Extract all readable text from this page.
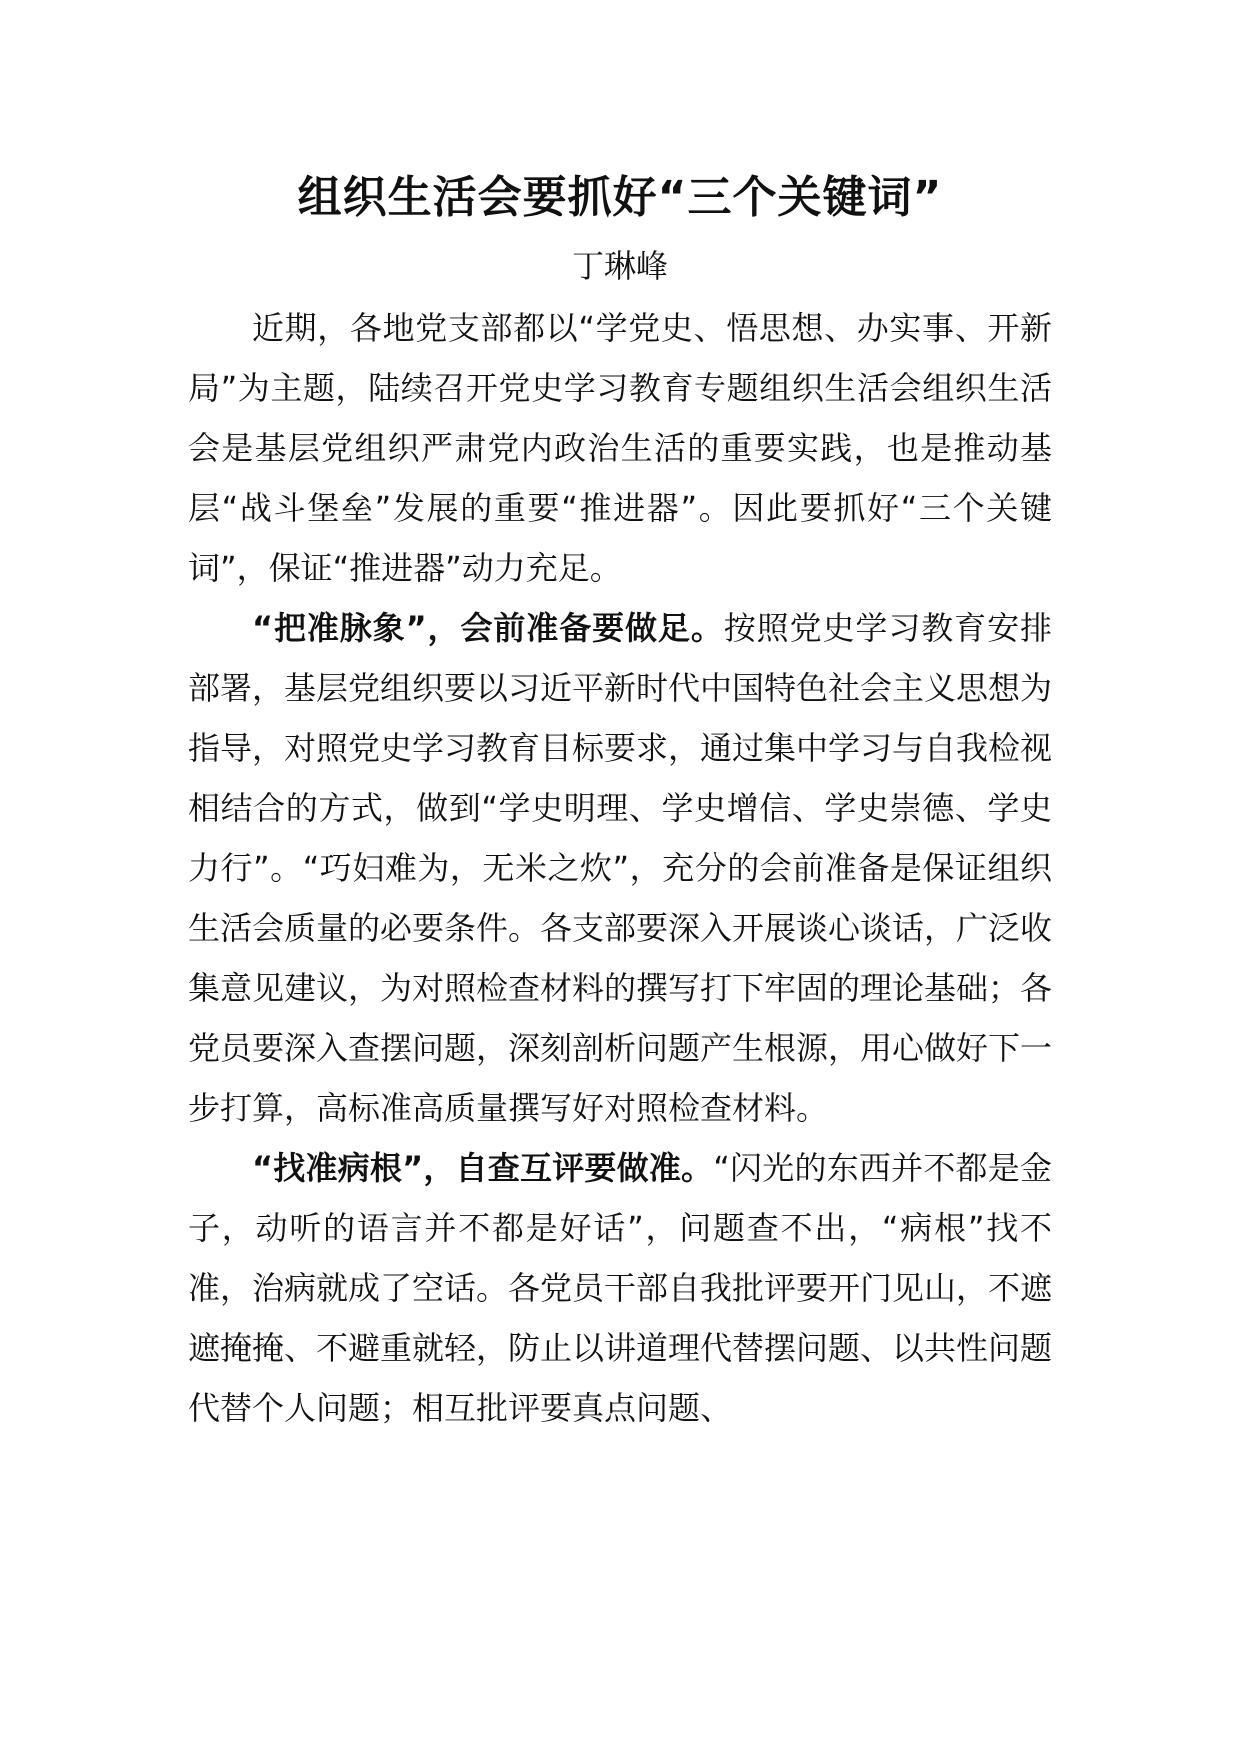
组织生活会要抓好“三个关键词”
丁琳峰

近期，各地党支部都以“学党史、悟思想、办实事、开新局”为主题，陆续召开党史学习教育专题组织生活会组织生活会是基层党组织严肃党内政治生活的重要实践，也是推动基层“战斗堡垒”发展的重要“推进器”。因此要抓好“三个关键词”，保证“推进器”动力充足。

“把准脉象”，会前准备要做足。按照党史学习教育安排部署，基层党组织要以习近平新时代中国特色社会主义思想为指导，对照党史学习教育目标要求，通过集中学习与自我检视相结合的方式，做到“学史明理、学史增信、学史崇德、学史力行”。“巧妇难为，无米之炊”，充分的会前准备是保证组织生活会质量的必要条件。各支部要深入开展谈心谈话，广泛收集意见建议，为对照检查材料的撰写打下牢固的理论基础；各党员要深入查摆问题，深刻剖析问题产生根源，用心做好下一步打算，高标准高质量撰写好对照检查材料。

“找准病根”，自查互评要做准。“闪光的东西并不都是金子，动听的语言并不都是好话”，问题查不出，“病根”找不准，治病就成了空话。各党员干部自我批评要开门见山，不遮遮掩掩、不避重就轻，防止以讲道理代替摆问题、以共性问题代替个人问题；相互批评要真点问题、
